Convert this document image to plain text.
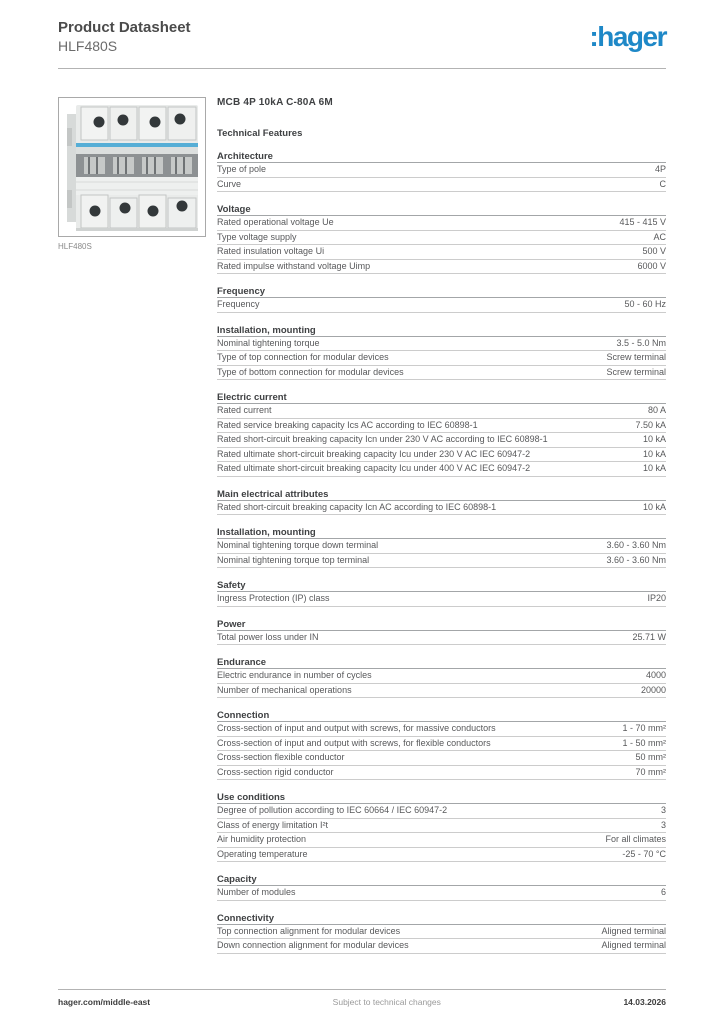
Product Datasheet
HLF480S	:hager
HLF480S
MCB 4P 10kA C-80A 6M
Technical Features
Architecture
Type of pole	4P
Curve	C
Voltage
Rated operational voltage Ue	415 - 415 V
Type voltage supply	AC
Rated insulation voltage Ui	500 V
Rated impulse withstand voltage Uimp	6000 V
Frequency
Frequency	50 - 60 Hz
Installation, mounting
Nominal tightening torque	3.5 - 5.0 Nm
Type of top connection for modular devices	Screw terminal
Type of bottom connection for modular devices	Screw terminal
Electric current
Rated current	80 A
Rated service breaking capacity Ics AC according to IEC 60898-1	7.50 kA
Rated short-circuit breaking capacity Icn under 230 V AC according to IEC 60898-1	10 kA
Rated ultimate short-circuit breaking capacity Icu under 230 V AC IEC 60947-2	10 kA
Rated ultimate short-circuit breaking capacity Icu under 400 V AC IEC 60947-2	10 kA
Main electrical attributes
Rated short-circuit breaking capacity Icn AC according to IEC 60898-1	10 kA
Installation, mounting
Nominal tightening torque down terminal	3.60 - 3.60 Nm
Nominal tightening torque top terminal	3.60 - 3.60 Nm
Safety
Ingress Protection (IP) class	IP20
Power
Total power loss under IN	25.71 W
Endurance
Electric endurance in number of cycles	4000
Number of mechanical operations	20000
Connection
Cross-section of input and output with screws, for massive conductors	1 - 70 mm²
Cross-section of input and output with screws, for flexible conductors	1 - 50 mm²
Cross-section flexible conductor	50 mm²
Cross-section rigid conductor	70 mm²
Use conditions
Degree of pollution according to IEC 60664 / IEC 60947-2	3
Class of energy limitation I²t	3
Air humidity protection	For all climates
Operating temperature	-25 - 70 °C
Capacity
Number of modules	6
Connectivity
Top connection alignment for modular devices	Aligned terminal
Down connection alignment for modular devices	Aligned terminal
hager.com/middle-east	Subject to technical changes	14.03.2026
